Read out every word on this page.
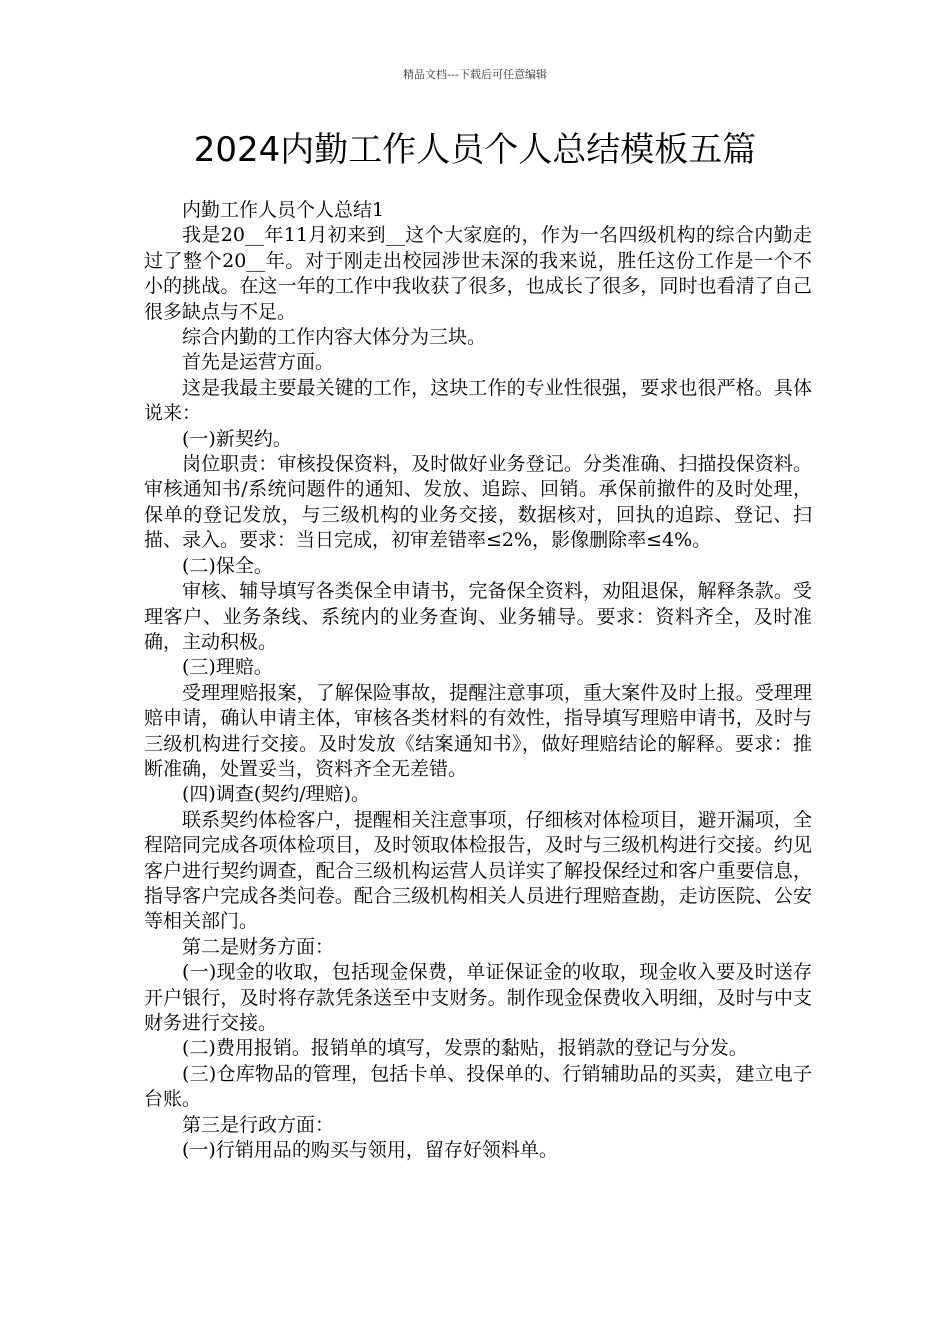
精品文档---下载后可任意编辑
2024内勤工作人员个人总结模板五篇

内勤工作人员个人总结1

我是20__年11月初来到__这个大家庭的，作为一名四级机构的综合内勤走过了整个20__年。对于刚走出校园涉世未深的我来说，胜任这份工作是一个不小的挑战。在这一年的工作中我收获了很多，也成长了很多，同时也看清了自己很多缺点与不足。

综合内勤的工作内容大体分为三块。

首先是运营方面。

这是我最主要最关键的工作，这块工作的专业性很强，要求也很严格。具体说来：

(一)新契约。

岗位职责：审核投保资料，及时做好业务登记。分类准确、扫描投保资料。审核通知书/系统问题件的通知、发放、追踪、回销。承保前撤件的及时处理，保单的登记发放，与三级机构的业务交接，数据核对，回执的追踪、登记、扫描、录入。要求：当日完成，初审差错率≤2%，影像删除率≤4%。

(二)保全。

审核、辅导填写各类保全申请书，完备保全资料，劝阻退保，解释条款。受理客户、业务条线、系统内的业务查询、业务辅导。要求：资料齐全，及时准确，主动积极。

(三)理赔。

受理理赔报案，了解保险事故，提醒注意事项，重大案件及时上报。受理理赔申请，确认申请主体，审核各类材料的有效性，指导填写理赔申请书，及时与三级机构进行交接。及时发放《结案通知书》，做好理赔结论的解释。要求：推断准确，处置妥当，资料齐全无差错。

(四)调查(契约/理赔)。

联系契约体检客户，提醒相关注意事项，仔细核对体检项目，避开漏项，全程陪同完成各项体检项目，及时领取体检报告，及时与三级机构进行交接。约见客户进行契约调查，配合三级机构运营人员详实了解投保经过和客户重要信息，指导客户完成各类问卷。配合三级机构相关人员进行理赔查勘，走访医院、公安等相关部门。

第二是财务方面：

(一)现金的收取，包括现金保费，单证保证金的收取，现金收入要及时送存开户银行，及时将存款凭条送至中支财务。制作现金保费收入明细，及时与中支财务进行交接。

(二)费用报销。报销单的填写，发票的黏贴，报销款的登记与分发。

(三)仓库物品的管理，包括卡单、投保单的、行销辅助品的买卖，建立电子台账。

第三是行政方面：

(一)行销用品的购买与领用，留存好领料单。
